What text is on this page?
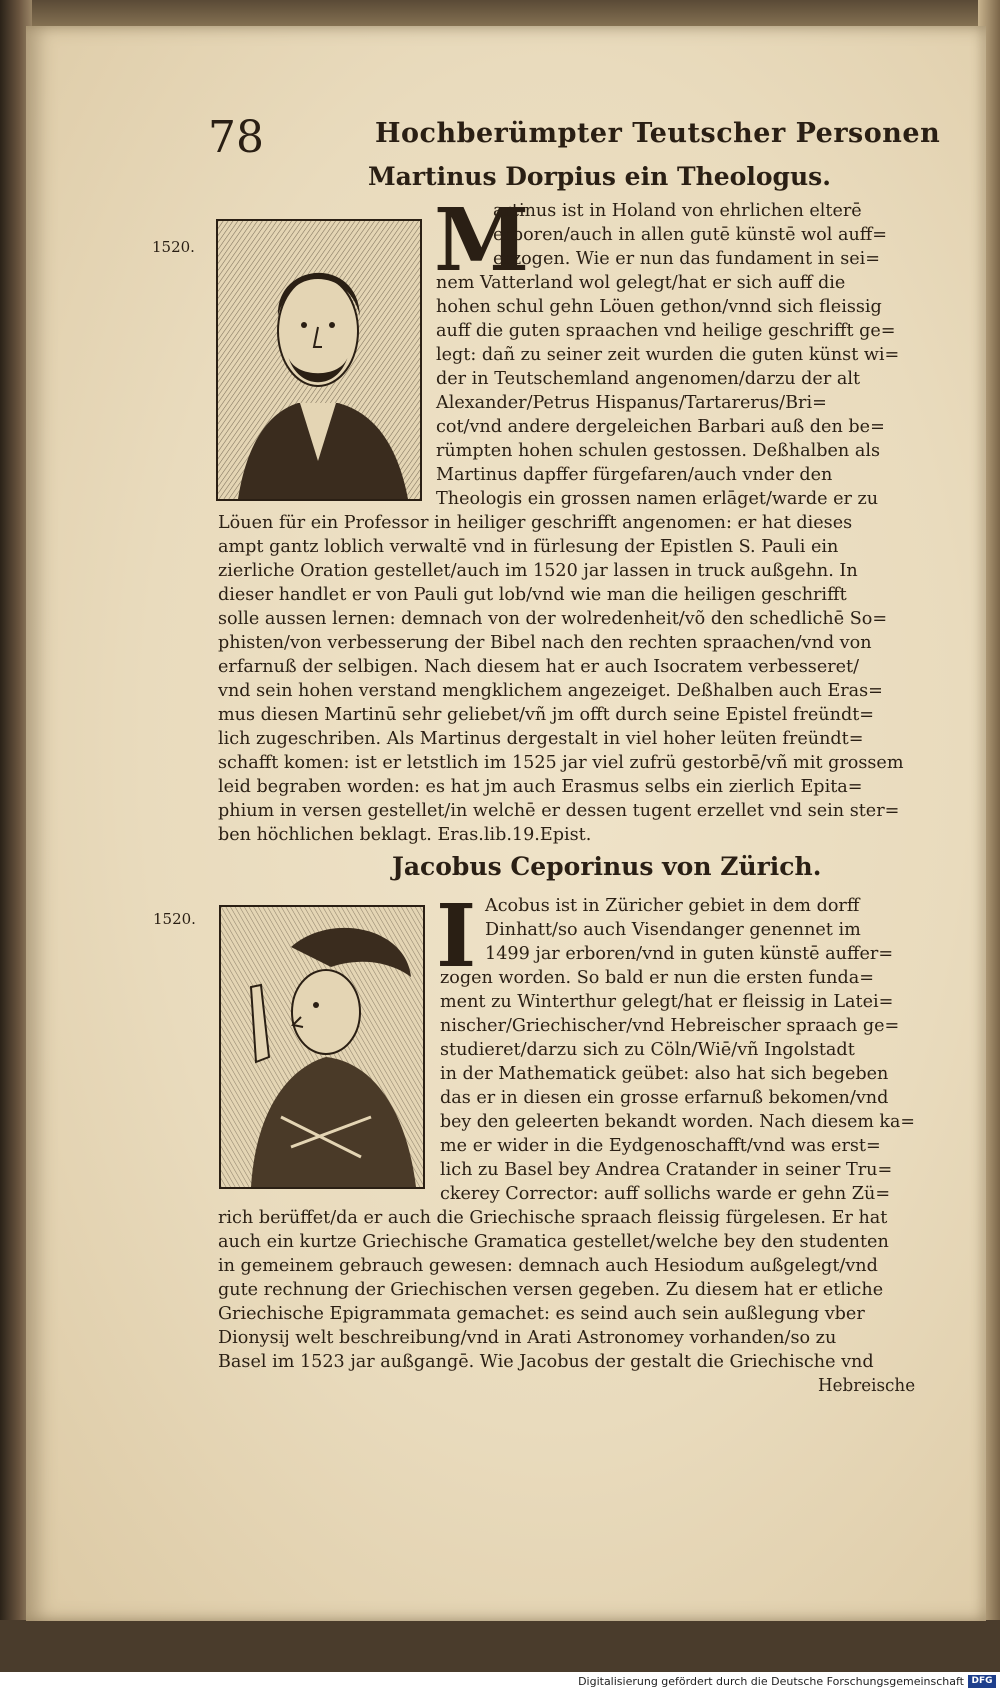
78	Hochberümpter Teutscher Personen
Martinus Dorpius ein Theologus.
1520.	M
artinus ist in Holand von ehrlichen elterē
erboren/auch in allen gutē künstē wol auff=
erzogen. Wie er nun das fundament in sei=
nem Vatterland wol gelegt/hat er sich auff die
hohen schul gehn Löuen gethon/vnnd sich fleissig
auff die guten spraachen vnd heilige geschrifft ge=
legt: dañ zu seiner zeit wurden die guten künst wi=
der in Teutschemland angenomen/darzu der alt
Alexander/Petrus Hispanus/Tartarerus/Bri=
cot/vnd andere dergeleichen Barbari auß den be=
rümpten hohen schulen gestossen. Deßhalben als
Martinus dapffer fürgefaren/auch vnder den
Theologis ein grossen namen erlāget/warde er zu
Löuen für ein Professor in heiliger geschrifft angenomen: er hat dieses
ampt gantz loblich verwaltē vnd in fürlesung der Epistlen S. Pauli ein
zierliche Oration gestellet/auch im 1520 jar lassen in truck außgehn. In
dieser handlet er von Pauli gut lob/vnd wie man die heiligen geschrifft
solle aussen lernen: demnach von der wolredenheit/võ den schedlichē So=
phisten/von verbesserung der Bibel nach den rechten spraachen/vnd von
erfarnuß der selbigen. Nach diesem hat er auch Isocratem verbesseret/
vnd sein hohen verstand mengklichem angezeiget. Deßhalben auch Eras=
mus diesen Martinū sehr geliebet/vñ jm offt durch seine Epistel freündt=
lich zugeschriben. Als Martinus dergestalt in viel hoher leüten freündt=
schafft komen: ist er letstlich im 1525 jar viel zufrü gestorbē/vñ mit grossem
leid begraben worden: es hat jm auch Erasmus selbs ein zierlich Epita=
phium in versen gestellet/in welchē er dessen tugent erzellet vnd sein ster=
ben höchlichen beklagt. Eras.lib.19.Epist.
Jacobus Ceporinus von Zürich.
1520.	I Acobus ist in Züricher gebiet in dem dorff
Dinhatt/so auch Visendanger genennet im
1499 jar erboren/vnd in guten künstē auffer=
zogen worden. So bald er nun die ersten funda=
ment zu Winterthur gelegt/hat er fleissig in Latei=
nischer/Griechischer/vnd Hebreischer spraach ge=
studieret/darzu sich zu Cöln/Wiē/vñ Ingolstadt
in der Mathematick geübet: also hat sich begeben
das er in diesen ein grosse erfarnuß bekomen/vnd
bey den geleerten bekandt worden. Nach diesem ka=
me er wider in die Eydgenoschafft/vnd was erst=
lich zu Basel bey Andrea Cratander in seiner Tru=
ckerey Corrector: auff sollichs warde er gehn Zü=
rich berüffet/da er auch die Griechische spraach fleissig fürgelesen. Er hat
auch ein kurtze Griechische Gramatica gestellet/welche bey den studenten
in gemeinem gebrauch gewesen: demnach auch Hesiodum außgelegt/vnd
gute rechnung der Griechischen versen gegeben. Zu diesem hat er etliche
Griechische Epigrammata gemachet: es seind auch sein außlegung vber
Dionysij welt beschreibung/vnd in Arati Astronomey vorhanden/so zu
Basel im 1523 jar außgangē. Wie Jacobus der gestalt die Griechische vnd
Hebreische
Digitalisierung gefördert durch die Deutsche Forschungsgemeinschaft DFG
